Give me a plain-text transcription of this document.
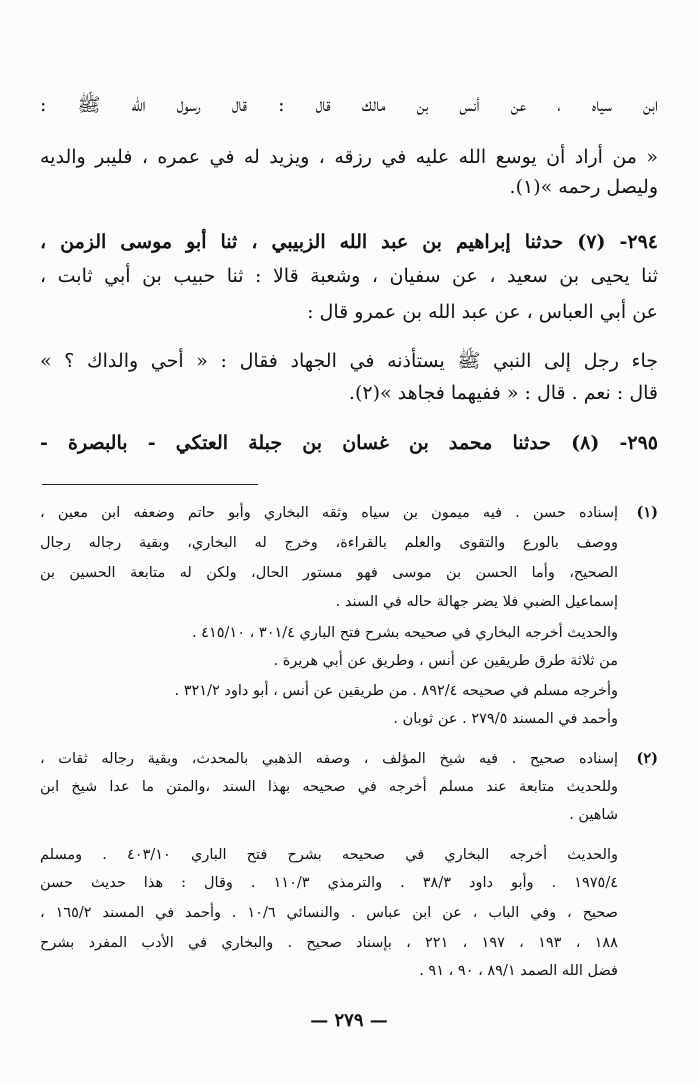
ابن سياه ، عن أنس بن مالك قال : قال رسول الله ﷺ :
« من أراد أن يوسع الله عليه في رزقه ، ويزيد له في عمره ، فليبر والديه
وليصل رحمه »(١).
٢٩٤- (٧) حدثنا إبراهيم بن عبد الله الزبيبي ، ثنا أبو موسى الزمن ،
ثنا يحيى بن سعيد ، عن سفيان ، وشعبة قالا : ثنا حبيب بن أبي ثابت ،
عن أبي العباس ، عن عبد الله بن عمرو قال :
جاء رجل إلى النبي ﷺ يستأذنه في الجهاد فقال : « أحي والداك ؟ »
قال : نعم . قال : « ففيهما فجاهد »(٢).
٢٩٥- (٨) حدثنا محمد بن غسان بن جبلة العتكي - بالبصرة -
(١)
إسناده حسن . فيه ميمون بن سياه وثقه البخاري وأبو حاتم وضعفه ابن معين ،
ووصف بالورع والتقوى والعلم بالقراءة، وخرج له البخاري، وبقية رجاله رجال
الصحيح، وأما الحسن بن موسى فهو مستور الحال، ولكن له متابعة الحسين بن
إسماعيل الضبي فلا يضر جهالة حاله في السند .
والحديث أخرجه البخاري في صحيحه بشرح فتح الباري ٣٠١/٤ ، ٤١٥/١٠ .
من ثلاثة طرق طريقين عن أنس ، وطريق عن أبي هريرة .
وأخرجه مسلم في صحيحه ٨٩٢/٤ . من طريقين عن أنس ، أبو داود ٣٢١/٢ .
وأحمد في المسند ٢٧٩/٥ . عن ثوبان .
(٢)
إسناده صحيح . فيه شيخ المؤلف ، وصفه الذهبي بالمحدث، وبقية رجاله ثقات ،
وللحديث متابعة عند مسلم أخرجه في صحيحه بهذا السند ،والمتن ما عدا شيخ ابن
شاهين .
والحديث أخرجه البخاري في صحيحه بشرح فتح الباري ٤٠٣/١٠ . ومسلم
١٩٧٥/٤ . وأبو داود ٣٨/٣ . والترمذي ١١٠/٣ . وقال : هذا حديث حسن
صحيح ، وفي الباب ، عن ابن عباس . والنسائي ١٠/٦ . وأحمد في المسند ١٦٥/٢ ،
١٨٨ ، ١٩٣ ، ١٩٧ ، ٢٢١ ، بإسناد صحيح . والبخاري في الأدب المفرد بشرح
فضل الله الصمد ٨٩/١ ، ٩٠ ، ٩١ .
— ٢٧٩ —
